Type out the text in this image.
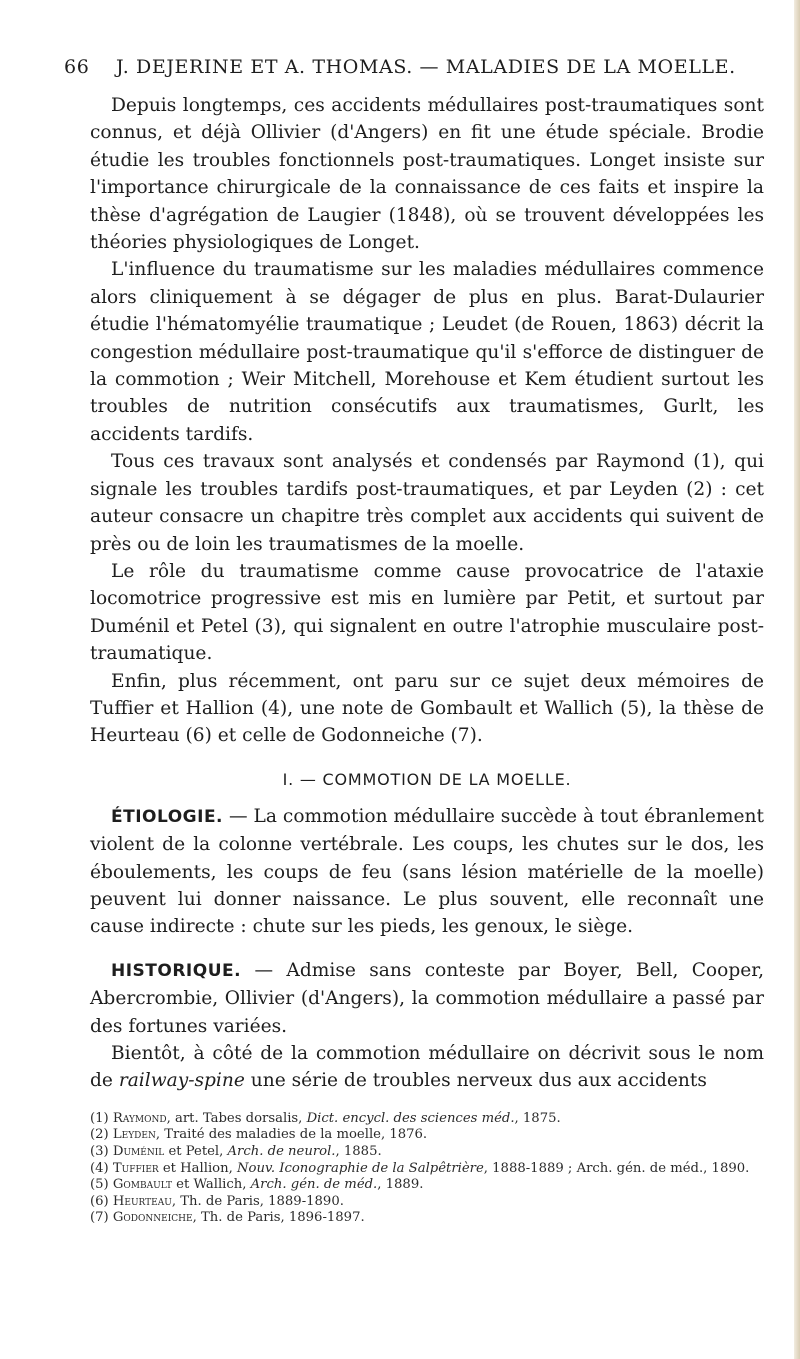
66	J. DEJERINE ET A. THOMAS. — MALADIES DE LA MOELLE.

Depuis longtemps, ces accidents médullaires post-traumatiques sont connus, et déjà Ollivier (d'Angers) en fit une étude spéciale. Brodie étudie les troubles fonctionnels post-traumatiques. Longet insiste sur l'importance chirurgicale de la connaissance de ces faits et inspire la thèse d'agrégation de Laugier (1848), où se trouvent développées les théories physiologiques de Longet.

L'influence du traumatisme sur les maladies médullaires commence alors cliniquement à se dégager de plus en plus. Barat-Dulaurier étudie l'hématomyélie traumatique ; Leudet (de Rouen, 1863) décrit la congestion médullaire post-traumatique qu'il s'efforce de distinguer de la commotion ; Weir Mitchell, Morehouse et Kem étudient surtout les troubles de nutrition consécutifs aux traumatismes, Gurlt, les accidents tardifs.

Tous ces travaux sont analysés et condensés par Raymond (1), qui signale les troubles tardifs post-traumatiques, et par Leyden (2) : cet auteur consacre un chapitre très complet aux accidents qui suivent de près ou de loin les traumatismes de la moelle.

Le rôle du traumatisme comme cause provocatrice de l'ataxie locomotrice progressive est mis en lumière par Petit, et surtout par Duménil et Petel (3), qui signalent en outre l'atrophie musculaire post-traumatique.

Enfin, plus récemment, ont paru sur ce sujet deux mémoires de Tuffier et Hallion (4), une note de Gombault et Wallich (5), la thèse de Heurteau (6) et celle de Godonneiche (7).

I. — COMMOTION DE LA MOELLE.

ÉTIOLOGIE. — La commotion médullaire succède à tout ébranlement violent de la colonne vertébrale. Les coups, les chutes sur le dos, les éboulements, les coups de feu (sans lésion matérielle de la moelle) peuvent lui donner naissance. Le plus souvent, elle reconnaît une cause indirecte : chute sur les pieds, les genoux, le siège.

HISTORIQUE. — Admise sans conteste par Boyer, Bell, Cooper, Abercrombie, Ollivier (d'Angers), la commotion médullaire a passé par des fortunes variées.

Bientôt, à côté de la commotion médullaire on décrivit sous le nom de railway-spine une série de troubles nerveux dus aux accidents

(1) Raymond, art. Tabes dorsalis, Dict. encycl. des sciences méd., 1875.
(2) Leyden, Traité des maladies de la moelle, 1876.
(3) Duménil et Petel, Arch. de neurol., 1885.
(4) Tuffier et Hallion, Nouv. Iconographie de la Salpêtrière, 1888-1889 ; Arch. gén. de méd., 1890.
(5) Gombault et Wallich, Arch. gén. de méd., 1889.
(6) Heurteau, Th. de Paris, 1889-1890.
(7) Godonneiche, Th. de Paris, 1896-1897.
